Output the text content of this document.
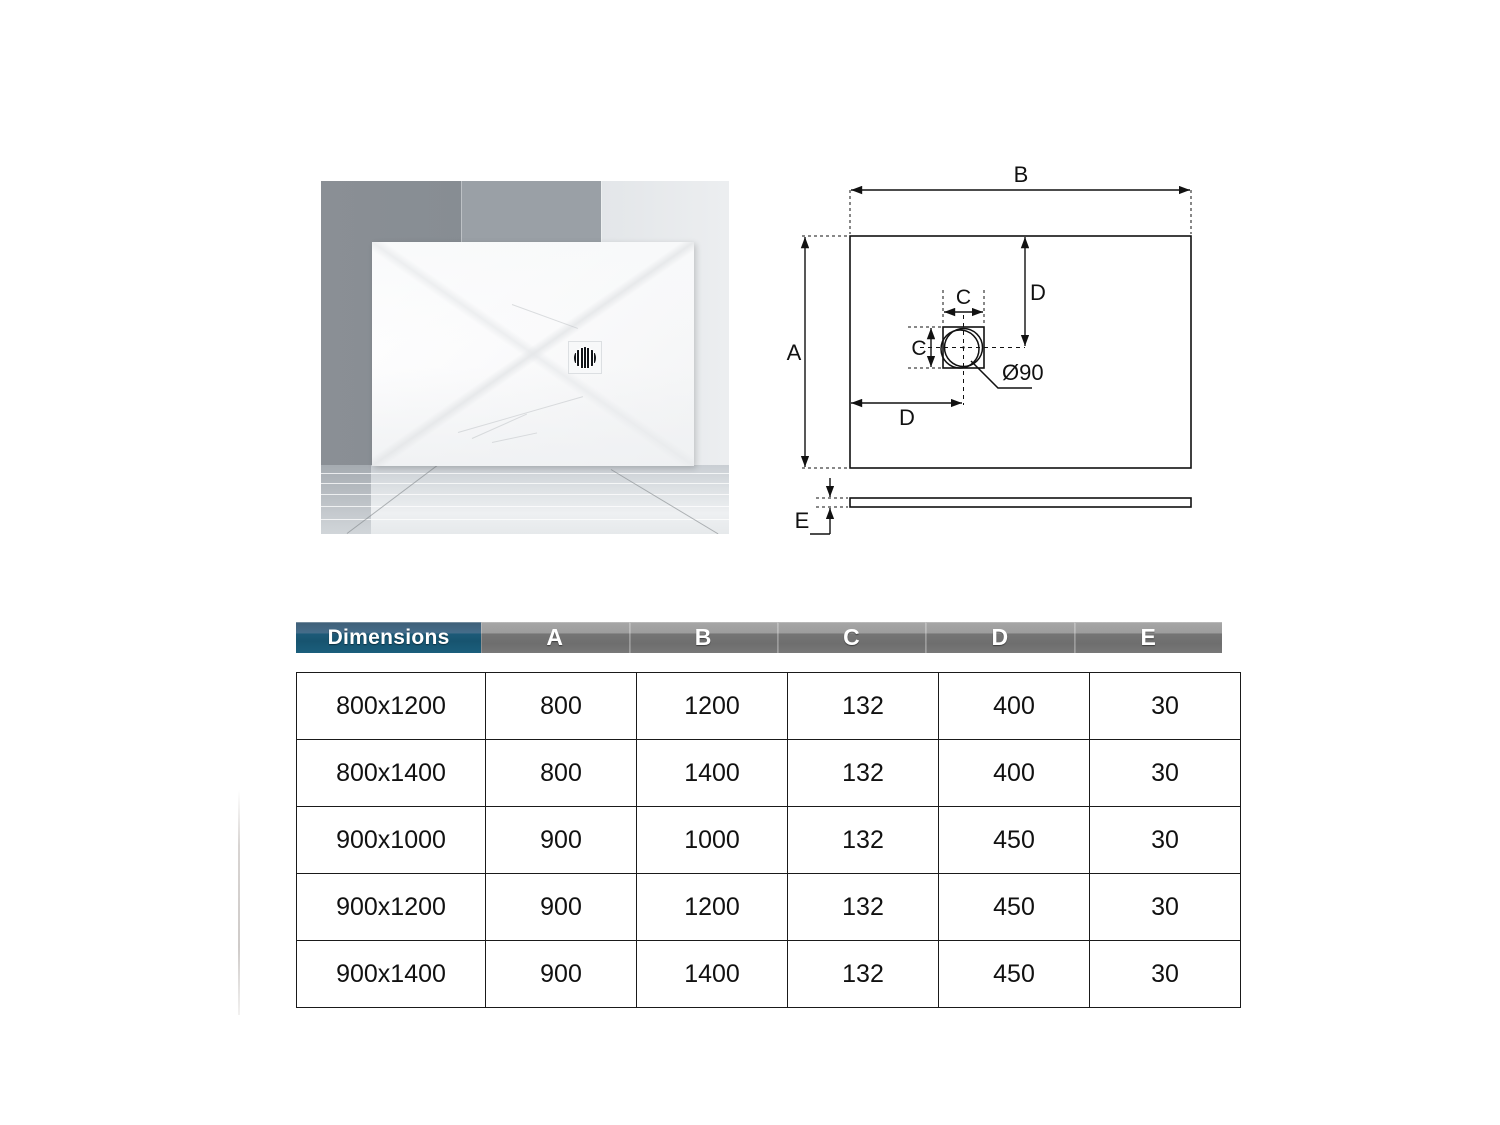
B
A
C
C
D
D
Ø90
E
Dimensions	A	B	C	D	E
800x1200	800	1200	132	400	30
800x1400	800	1400	132	400	30
900x1000	900	1000	132	450	30
900x1200	900	1200	132	450	30
900x1400	900	1400	132	450	30
